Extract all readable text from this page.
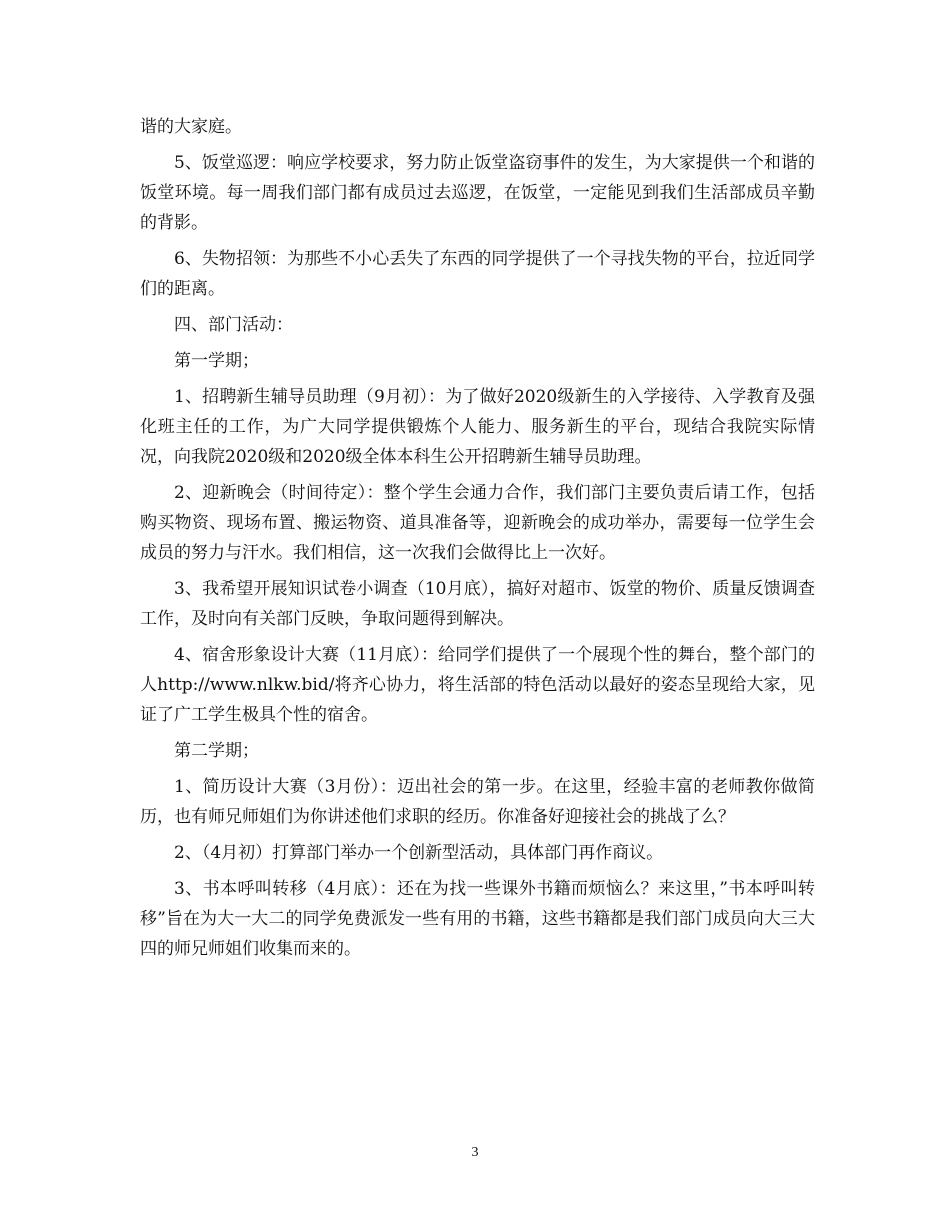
谐的大家庭。

5、饭堂巡逻：响应学校要求，努力防止饭堂盗窃事件的发生，为大家提供一个和谐的饭堂环境。每一周我们部门都有成员过去巡逻，在饭堂，一定能见到我们生活部成员辛勤的背影。

6、失物招领：为那些不小心丢失了东西的同学提供了一个寻找失物的平台，拉近同学们的距离。

四、部门活动：

第一学期；

1、招聘新生辅导员助理（9月初）：为了做好2020级新生的入学接待、入学教育及强化班主任的工作，为广大同学提供锻炼个人能力、服务新生的平台，现结合我院实际情况，向我院2020级和2020级全体本科生公开招聘新生辅导员助理。

2、迎新晚会（时间待定）：整个学生会通力合作，我们部门主要负责后请工作，包括购买物资、现场布置、搬运物资、道具准备等，迎新晚会的成功举办，需要每一位学生会成员的努力与汗水。我们相信，这一次我们会做得比上一次好。

3、我希望开展知识试卷小调查（10月底），搞好对超市、饭堂的物价、质量反馈调查工作，及时向有关部门反映，争取问题得到解决。

4、宿舍形象设计大赛（11月底）：给同学们提供了一个展现个性的舞台，整个部门的人http://www.nlkw.bid/将齐心协力，将生活部的特色活动以最好的姿态呈现给大家，见证了广工学生极具个性的宿舍。

第二学期；

1、简历设计大赛（3月份）：迈出社会的第一步。在这里，经验丰富的老师教你做简历，也有师兄师姐们为你讲述他们求职的经历。你准备好迎接社会的挑战了么？

2、（4月初）打算部门举办一个创新型活动，具体部门再作商议。

3、书本呼叫转移（4月底）：还在为找一些课外书籍而烦恼么？来这里，”书本呼叫转移”旨在为大一大二的同学免费派发一些有用的书籍，这些书籍都是我们部门成员向大三大四的师兄师姐们收集而来的。

3
